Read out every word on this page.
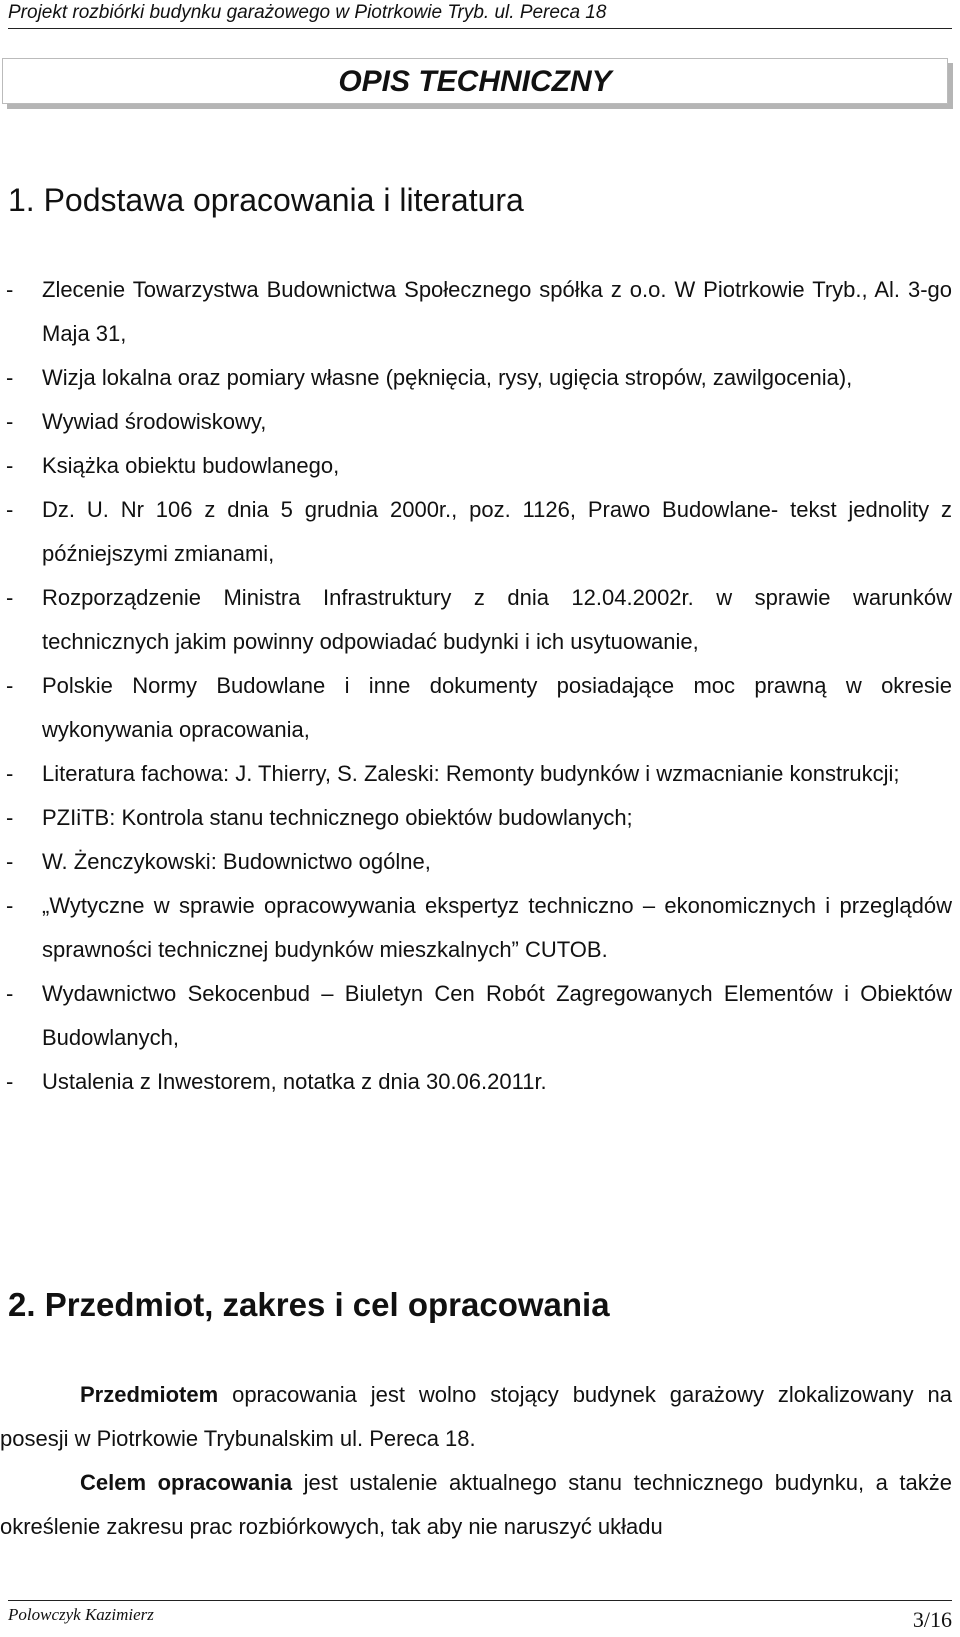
Projekt rozbiórki budynku garażowego w Piotrkowie Tryb. ul. Pereca 18
OPIS TECHNICZNY
1. Podstawa opracowania i literatura
- Zlecenie Towarzystwa Budownictwa Społecznego spółka z o.o. W Piotrkowie Tryb., Al. 3-go Maja 31,
- Wizja lokalna oraz pomiary własne (pęknięcia, rysy, ugięcia stropów, zawilgocenia),
- Wywiad środowiskowy,
- Książka obiektu budowlanego,
- Dz. U. Nr 106 z dnia 5 grudnia 2000r., poz. 1126, Prawo Budowlane- tekst jednolity z późniejszymi zmianami,
- Rozporządzenie Ministra Infrastruktury z dnia 12.04.2002r. w sprawie warunków technicznych jakim powinny odpowiadać budynki i ich usytuowanie,
- Polskie Normy Budowlane i inne dokumenty posiadające moc prawną w okresie wykonywania opracowania,
- Literatura fachowa: J. Thierry, S. Zaleski: Remonty budynków i wzmacnianie konstrukcji;
- PZIiTB: Kontrola stanu technicznego obiektów budowlanych;
- W. Żenczykowski: Budownictwo ogólne,
- „Wytyczne w sprawie opracowywania ekspertyz techniczno – ekonomicznych i przeglądów sprawności technicznej budynków mieszkalnych” CUTOB.
- Wydawnictwo Sekocenbud – Biuletyn Cen Robót Zagregowanych Elementów i Obiektów Budowlanych,
- Ustalenia z Inwestorem, notatka z dnia 30.06.2011r.
2. Przedmiot, zakres i cel opracowania
Przedmiotem opracowania jest wolno stojący budynek garażowy zlokalizowany na posesji w Piotrkowie Trybunalskim ul. Pereca 18.
Celem opracowania jest ustalenie aktualnego stanu technicznego budynku, a także określenie zakresu prac rozbiórkowych, tak aby nie naruszyć układu
Polowczyk Kazimierz	3/16
